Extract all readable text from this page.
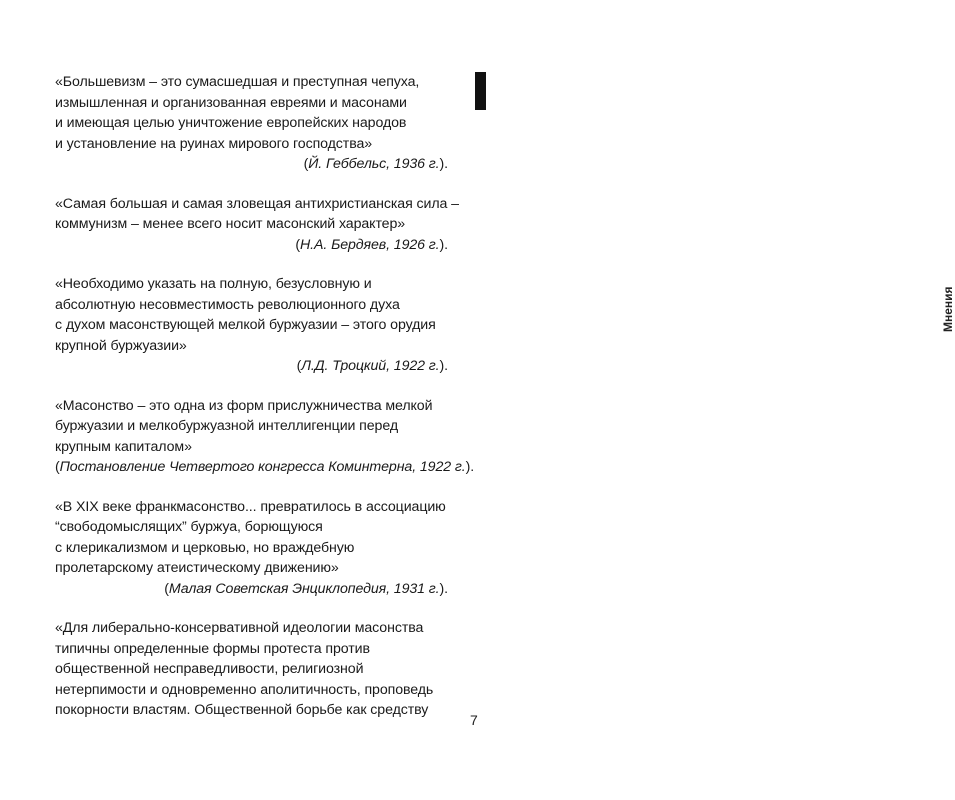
Мнения
«Большевизм – это сумасшедшая и преступная чепуха,
измышленная и организованная евреями и масонами
и имеющая целью уничтожение европейских народов
и установление на руинах мирового господства»
(Й. Геббельс, 1936 г.).
«Самая большая и самая зловещая антихристианская сила –
коммунизм – менее всего носит масонский характер»
(Н.А. Бердяев, 1926 г.).
«Необходимо указать на полную, безусловную и
абсолютную несовместимость революционного духа
с духом масонствующей мелкой буржуазии – этого орудия
крупной буржуазии»
(Л.Д. Троцкий, 1922 г.).
«Масонство – это одна из форм прислужничества мелкой
буржуазии и мелкобуржуазной интеллигенции перед
крупным капиталом»
(Постановление Четвертого конгресса Коминтерна, 1922 г.).
«В XIX веке франкмасонство... превратилось в ассоциацию
“свободомыслящих” буржуа, борющуюся
с клерикализмом и церковью, но враждебную
пролетарскому атеистическому движению»
(Малая Советская Энциклопедия, 1931 г.).
«Для либерально-консервативной идеологии масонства
типичны определенные формы протеста против
общественной несправедливости, религиозной
нетерпимости и одновременно аполитичность, проповедь
покорности властям. Общественной борьбе как средству
7
